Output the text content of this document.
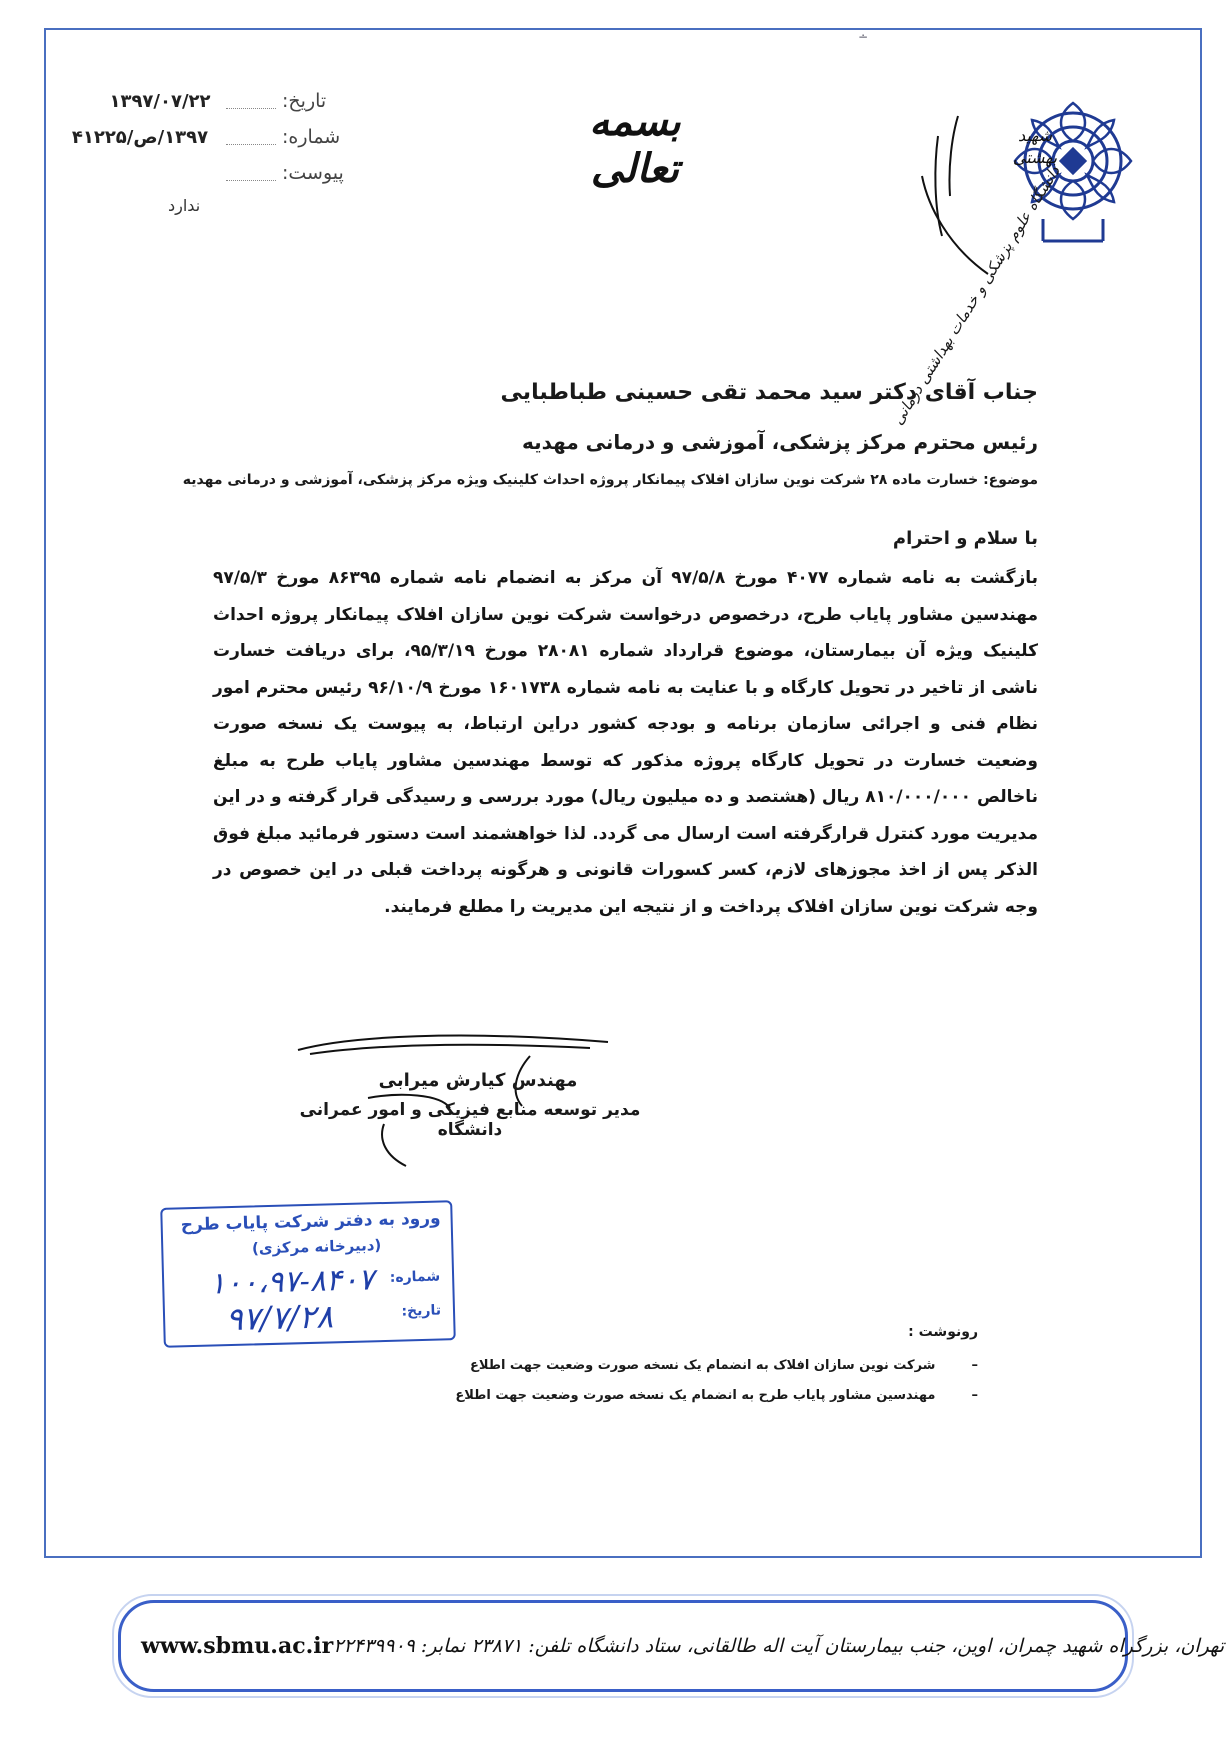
تاریخ:
۱۳۹۷/۰۷/۲۲
شماره:
۱۳۹۷/ص/۴۱۲۲۵
پیوست:
ندارد
∸
بسمه تعالی
شهید بهشتی
دانشگاه علوم پزشکی و خدمات بهداشتی درمانی
جناب آقای دکتر سید محمد تقی حسینی طباطبایی
رئیس محترم مرکز پزشکی، آموزشی و درمانی مهدیه
موضوع: خسارت ماده ۲۸ شرکت نوین سازان افلاک پیمانکار پروژه احداث کلینیک ویژه مرکز پزشکی، آموزشی و درمانی مهدیه
با سلام و احترام
بازگشت به نامه شماره ۴۰۷۷ مورخ ۹۷/۵/۸ آن مرکز به انضمام نامه شماره ۸۶۳۹۵ مورخ ۹۷/۵/۳ مهندسین مشاور پایاب طرح، درخصوص درخواست شرکت نوین سازان افلاک پیمانکار پروژه احداث کلینیک ویژه آن بیمارستان، موضوع قرارداد شماره ۲۸۰۸۱ مورخ ۹۵/۳/۱۹، برای دریافت خسارت ناشی از تاخیر در تحویل کارگاه و با عنایت به نامه شماره ۱۶۰۱۷۳۸ مورخ ۹۶/۱۰/۹ رئیس محترم امور نظام فنی و اجرائی سازمان برنامه و بودجه کشور دراین ارتباط، به پیوست یک نسخه صورت وضعیت خسارت در تحویل کارگاه پروژه مذکور که توسط مهندسین مشاور پایاب طرح به مبلغ ناخالص ۸۱۰/۰۰۰/۰۰۰ ریال (هشتصد و ده میلیون ریال) مورد بررسی و رسیدگی قرار گرفته و در این مدیریت مورد کنترل قرارگرفته است ارسال می گردد. لذا خواهشمند است دستور فرمائید مبلغ فوق الذکر پس از اخذ مجوزهای لازم، کسر کسورات قانونی و هرگونه پرداخت قبلی در این خصوص در وجه شرکت نوین سازان افلاک پرداخت و از نتیجه این مدیریت را مطلع فرمایند.
مهندس کیارش میرابی
مدیر توسعه منابع فیزیکی و امور عمرانی دانشگاه
ورود به دفتر شرکت پایاب طرح
(دبیرخانه مرکزی)
شماره:
۱۰۰،۹۷-۸۴۰۷
تاریخ:
۹۷/۷/۲۸	رونوشت :
– شرکت نوین سازان افلاک به انضمام یک نسخه صورت وضعیت جهت اطلاع
– مهندسین مشاور پایاب طرح به انضمام یک نسخه صورت وضعیت جهت اطلاع
www.sbmu.ac.ir تهران، بزرگراه شهید چمران، اوین، جنب بیمارستان آیت اله طالقانی، ستاد دانشگاه تلفن: ۲۳۸۷۱ نمابر: ۲۲۴۳۹۹۰۹
